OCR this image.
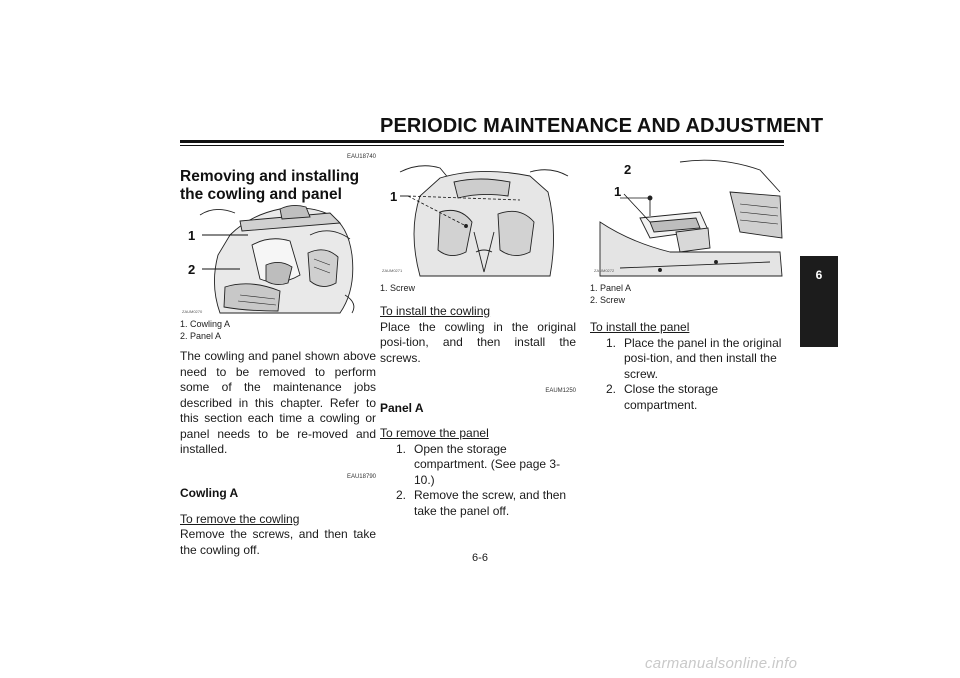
PERIODIC MAINTENANCE AND ADJUSTMENT
EAU18740
Removing and installing the cowling and panel
1
2
ZAUM0270
1. Cowling A
2. Panel A
The cowling and panel shown above need to be removed to perform some of the maintenance jobs described in this chapter. Refer to this section each time a cowling or panel needs to be re-moved and installed.
EAU18790
Cowling A
To remove the cowling
Remove the screws, and then take the cowling off.
1
ZAUM0271
1. Screw
To install the cowling
Place the cowling in the original posi-tion, and then install the screws.
EAUM1250
Panel A
To remove the panel
1. Open the storage compartment. (See page 3-10.)
2. Remove the screw, and then take the panel off.
2
1
ZAUM0272
1. Panel A
2. Screw
To install the panel
1. Place the panel in the original posi-tion, and then install the screw.
2. Close the storage compartment.
6
6-6
carmanualsonline.info
